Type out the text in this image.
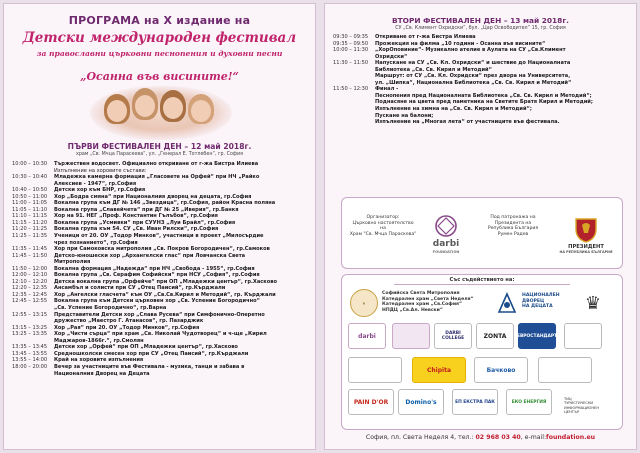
ПРОГРАМА на X издание на
Детски международен фестивал
за православни църковни песнопения и духовни песни
„Осанна във висините!“
ПЪРВИ ФЕСТИВАЛЕН ДЕН – 12 май 2018г.
храм „Св. Мчца Параскева“, ул. „Генерал Е. Тотлебен“, гр. София
10:00 – 10:30	Тържествен водосвет. Официално откриване от г-жа Бистра Илиева
Изпълнение на хоровите състави:
10:30 – 10:40	Младежка камерна формация „Гласовете на Орфей“ при НЧ „Райко
Алексиев - 1947“, гр.София
10:40 – 10:50	Детски хор към БНР, гр.София
10:50 – 11:00	Хор „Бодра смяна“ при Националния дворец на децата, гр.София
11:00 – 11:05	Вокална група към ДГ № 146 „Звездица“, гр.София, район Красна поляна
11:05 – 11:10	Вокална група „Славейчета“ при ДГ № 25 „Иверия“, гр.Банкя
11:10 – 11:15	Хор на 91. НЕГ „Проф. Константин Гълъбов“, гр.София
11:15 – 11:20	Вокална група „Усмивки“ при СУУНЗ „Луи Брайл“, гр.София
11:20 – 11:25	Вокална група към 54. СУ „Св. Иван Рилски“, гр.София
11:25 – 11:35	Ученици от 20. ОУ „Тодор Минков“, участници в проект „Милосърдие
чрез познанието“, гр.София
11:35 – 11:45	Хор при Самоковска митрополия „Св. Покров Богородичен“, гр.Самоков
11:45 – 11:50	Детско-юношески хор „Архангелски глас“ при Ловчанска Света
Митрополия
11:50 – 12:00	Вокална формация „Надежда“ при НЧ „Свобода - 1955“, гр.София
12:00 – 12:10	Вокална група „Св. Серафим Софийски“ при НСУ „София“, гр.София
12:10 – 12:20	Детска вокална група „Орфейче“ при ОП „Младежки център“, гр.Хасково
12:20 – 12:35	Ансамбъл и солисти при СУ „Отец Паисий“, гр.Кърджали
12:35 – 12:45	Хор „Ангелски гласчета“ към ОУ „Св.Св.Кирил и Методий“, гр. Кърджали
12:45 – 12:55	Вокална група към Детски църковен хор „Св. Успение Богородично“
„Св. Успение Богородично“, гр.Варна
12:55 – 13:15	Представители Детски хор „Слава Русева“ при Симфонично-Оперетно
дружество „Маестро Г. Атанасов“, гр. Пазарджик
13:15 – 13:25	Хор „Рая“ при 20. ОУ „Тодор Минков“, гр.София
13:25 – 13:35	Хор „Чисти сърца“ при храм „Св. Николай Чудотворец“ и ч-ще „Кирил
Маджаров-1866г.“, гр.Смолян
13:35 – 13:45	Детски хор „Орфей“ при ОП „Младежки център“, гр.Хасково
13:45 – 13:55	Средношколски смесен хор при СУ „Отец Паисий“, гр.Кърджали
13:55 – 14:00	Край на хоровите изпълнения
18:00 – 20:00	Вечер за участниците във Фестивала - музика, танци и забава в
Националния Дворец на Децата
ВТОРИ ФЕСТИВАЛЕН ДЕН – 13 май 2018г.
СУ „Св. Климент Охридски“, бул. „Цар Освободител“ 15, гр. София
09:30 – 09:35	Откриване от г-жа Бистра Илиева
09:35 – 09:50	Прожекция на филма „10 години - Осанна във висините“
10:00 – 11:30	„ХорОповиние“- Музикално ателие в Аулата на СУ „Св.Климент
Охридски“
11:30 – 11:50	Напускане на СУ „Св. Кл. Охридски“ и шествие до Националната
Библиотека „Св. Св. Кирил и Методий“
Маршрут: от СУ „Св. Кл. Охридски“ през двора на Университета,
ул. „Шипка“, Национална Библиотека „Св. Св. Кирил и Методий“
11:50 – 12:30	Финал -
Песнопения пред Националната Библиотека „Св. Св. Кирил и Методий“;
Поднасяне на цвета пред паметника на Светите Братя Кирил и Методий;
Изпълнение на химна на „Св. Св. Кирил и Методий“;
Пускане на балони;
Изпълнение на „Многая лета“ от участниците във фестивала.
Организатор:
Църковно настоятелство
на
Храм "Св. Мчца Параскева"
darbi
FOUNDATION
Под патронажа на
Президента на
Република България
Румен Радев
ПРЕЗИДЕНТ
НА РЕПУБЛИКА БЪЛГАРИЯ
Със съдействието на:
✝
Софийска Света Митрополия
Катедрален храм „Света Неделя“
Катедрален храм „Св.София“
НПДЦ „Св.Ал. Невски“
НАЦИОНАЛЕН
ДВОРЕЦ
НА ДЕЦАТА	♛
darbi	DARBI COLLEGE	ZONTA	ЕВРОСТАНДАРТ
Chipita	Бачково
PAIN D'OR	Domino's	ЕП ЕКСТРА ПАК	ЕКО ЕНЕРГИЯ
ТИЦ
ТУРИСТИЧЕСКИ
ИНФОРМАЦИОНЕН
ЦЕНТЪР
София, пл. Света Неделя 4, тел.: 02 968 03 40, e-mail:foundation.eu
